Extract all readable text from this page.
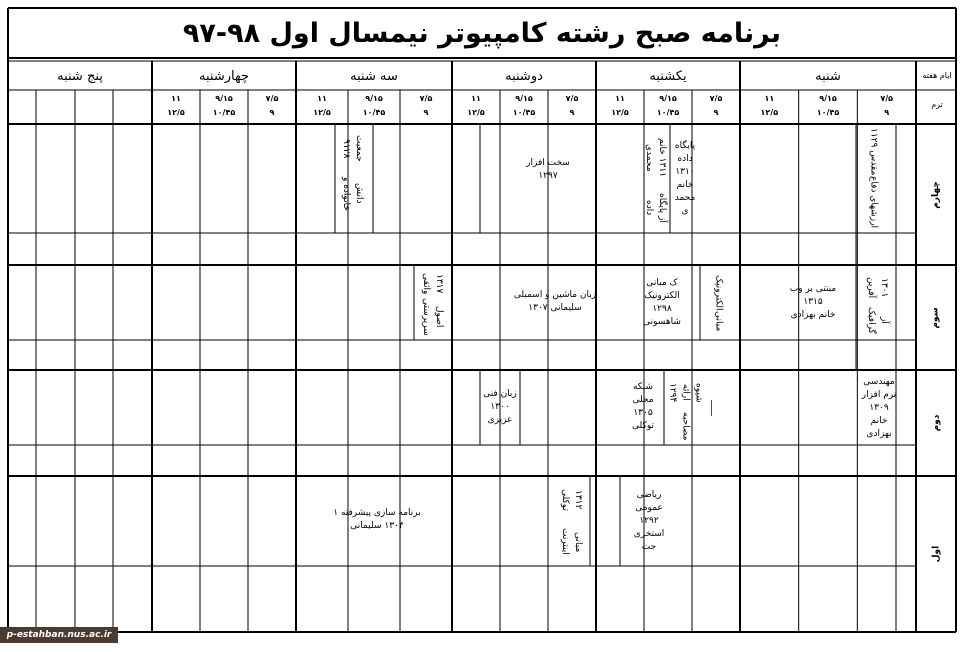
برنامه صبح رشته کامپیوتر نیمسال اول ۹۸-۹۷
شنبه
یکشنبه
دوشنبه
سه شنبه
چهارشنبه
پنج شنبه	ایام هفته
ترم
۷/۵
۹
۹/۱۵
۱۰/۴۵
۱۱
۱۲/۵
۷/۵
۹
۹/۱۵
۱۰/۴۵
۱۱
۱۲/۵
۷/۵
۹
۹/۱۵
۱۰/۴۵
۱۱
۱۲/۵
۷/۵
۹
۹/۱۵
۱۰/۴۵
۱۱
۱۲/۵
۷/۵
۹
۹/۱۵
۱۰/۴۵
۱۱
۱۲/۵
چهارم
سوم
دوم
اول
ارزشهای دفاع
مقدس ۱۱۲۹
آز پایگاه داده
۱۳۱۱ خانم محمدی	پایگاه
داده
۱۳۱۰
خانم
محمد
ی
سخت افزار
۱۲۹۷
دانش خانواده و
جمعیت ۹۱۲۸
آز گرافیک
۱۳۰۱ آفرین
مبتنی بر وب
۱۳۱۵
خانم بهزادی
مبانی
الکترونیک
ک مبانی
الکترونیک
۱۲۹۸
شاهسونی
زبان ماشین و اسمبلی
سلیمانی ۱۳۰۷
اصول سرپرستی
۱۳۱۷ واثقی
مهندسی
نرم افزار
۱۳۰۹
خانم
بهزادی
مصاحبه
شیوه ارائه ۱۲۹۴
شبکه
محلی
۱۳۰۵
توکلی
زبان فنی
۱۳۰۰
عزیزی
ریاضی
عمومی
۱۲۹۲
استخری
جت
مبانی اینترنت
۱۳۱۲ توکلی
برنامه سازی پیشرفته ۱
۱۳۰۴ سلیمانی
p-estahban.nus.ac.ir
